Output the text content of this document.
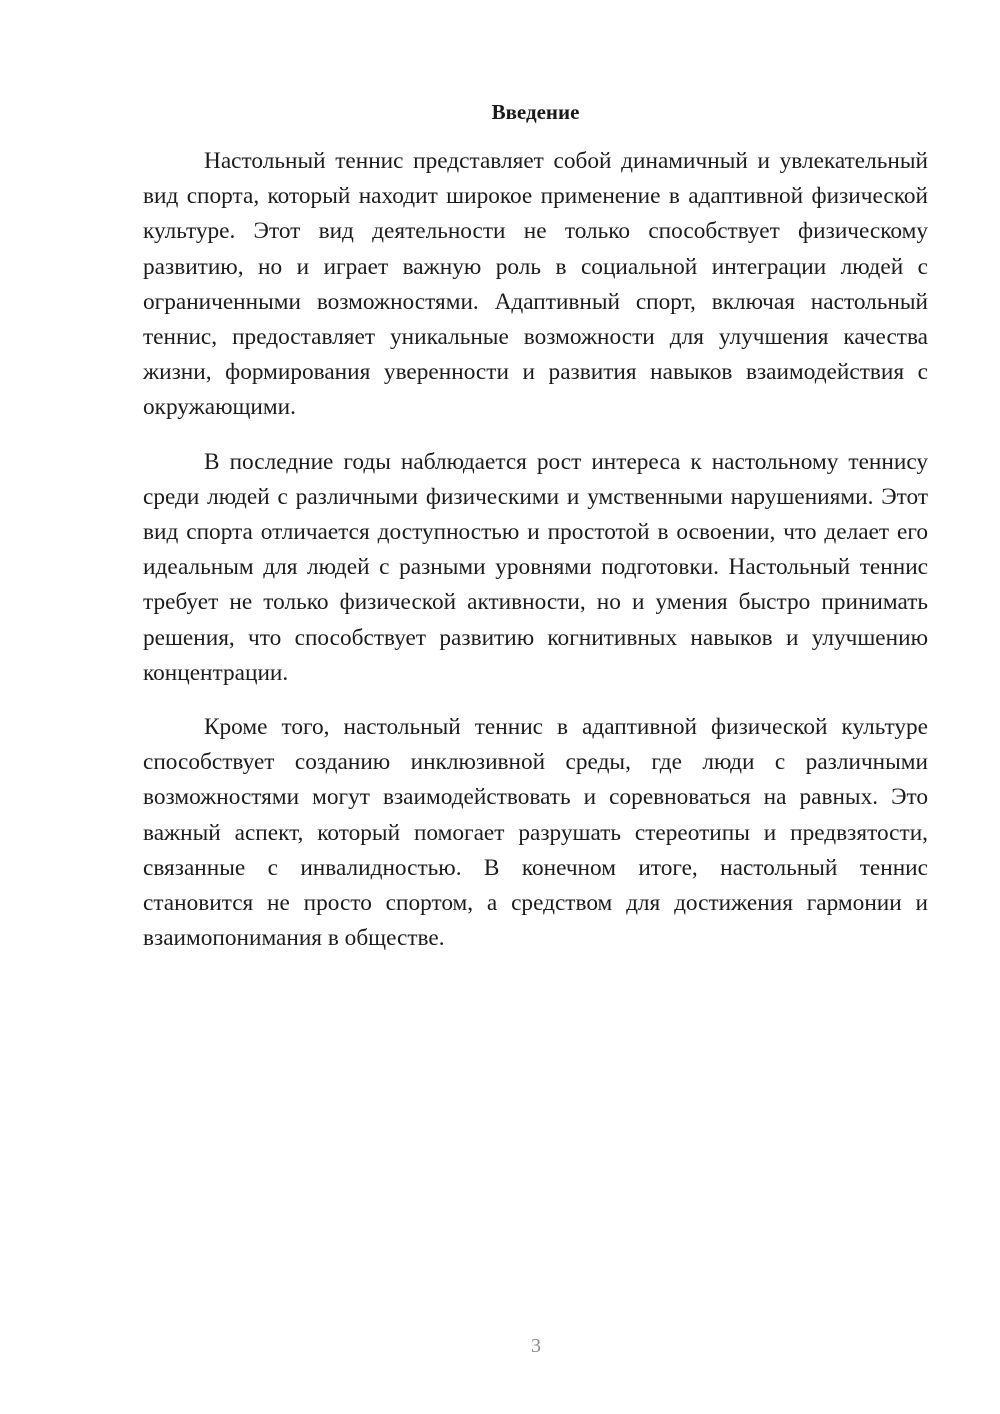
Введение

Настольный теннис представляет собой динамичный и увлекательный вид спорта, который находит широкое применение в адаптивной физической культуре. Этот вид деятельности не только способствует физическому развитию, но и играет важную роль в социальной интеграции людей с ограниченными возможностями. Адаптивный спорт, включая настольный теннис, предоставляет уникальные возможности для улучшения качества жизни, формирования уверенности и развития навыков взаимодействия с окружающими.

В последние годы наблюдается рост интереса к настольному теннису среди людей с различными физическими и умственными нарушениями. Этот вид спорта отличается доступностью и простотой в освоении, что делает его идеальным для людей с разными уровнями подготовки. Настольный теннис требует не только физической активности, но и умения быстро принимать решения, что способствует развитию когнитивных навыков и улучшению концентрации.

Кроме того, настольный теннис в адаптивной физической культуре способствует созданию инклюзивной среды, где люди с различными возможностями могут взаимодействовать и соревноваться на равных. Это важный аспект, который помогает разрушать стереотипы и предвзятости, связанные с инвалидностью. В конечном итоге, настольный теннис становится не просто спортом, а средством для достижения гармонии и взаимопонимания в обществе.

3
